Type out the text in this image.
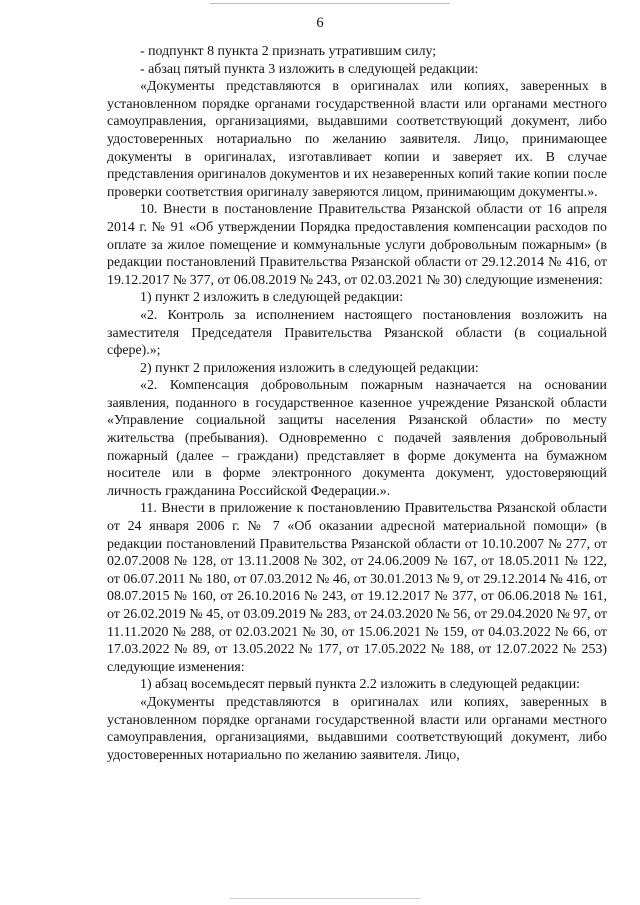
6

- подпункт 8 пункта 2 признать утратившим силу;

- абзац пятый пункта 3 изложить в следующей редакции:

«Документы представляются в оригиналах или копиях, заверенных в установленном порядке органами государственной власти или органами местного самоуправления, организациями, выдавшими соответствующий документ, либо удостоверенных нотариально по желанию заявителя. Лицо, принимающее документы в оригиналах, изготавливает копии и заверяет их. В случае представления оригиналов документов и их незаверенных копий такие копии после проверки соответствия оригиналу заверяются лицом, принимающим документы.».

10. Внести в постановление Правительства Рязанской области от 16 апреля 2014 г. № 91 «Об утверждении Порядка предоставления компенсации расходов по оплате за жилое помещение и коммунальные услуги добровольным пожарным» (в редакции постановлений Правительства Рязанской области от 29.12.2014 № 416, от 19.12.2017 № 377, от 06.08.2019 № 243, от 02.03.2021 № 30) следующие изменения:

1) пункт 2 изложить в следующей редакции:

«2. Контроль за исполнением настоящего постановления возложить на заместителя Председателя Правительства Рязанской области (в социальной сфере).»;

2) пункт 2 приложения изложить в следующей редакции:

«2. Компенсация добровольным пожарным назначается на основании заявления, поданного в государственное казенное учреждение Рязанской области «Управление социальной защиты населения Рязанской области» по месту жительства (пребывания). Одновременно с подачей заявления добровольный пожарный (далее – граждани) представляет в форме документа на бумажном носителе или в форме электронного документа документ, удостоверяющий личность гражданина Российской Федерации.».

11. Внести в приложение к постановлению Правительства Рязанской области от 24 января 2006 г. № 7 «Об оказании адресной материальной помощи» (в редакции постановлений Правительства Рязанской области от 10.10.2007 № 277, от 02.07.2008 № 128, от 13.11.2008 № 302, от 24.06.2009 № 167, от 18.05.2011 № 122, от 06.07.2011 № 180, от 07.03.2012 № 46, от 30.01.2013 № 9, от 29.12.2014 № 416, от 08.07.2015 № 160, от 26.10.2016 № 243, от 19.12.2017 № 377, от 06.06.2018 № 161, от 26.02.2019 № 45, от 03.09.2019 № 283, от 24.03.2020 № 56, от 29.04.2020 № 97, от 11.11.2020 № 288, от 02.03.2021 № 30, от 15.06.2021 № 159, от 04.03.2022 № 66, от 17.03.2022 № 89, от 13.05.2022 № 177, от 17.05.2022 № 188, от 12.07.2022 № 253) следующие изменения:

1) абзац восемьдесят первый пункта 2.2 изложить в следующей редакции:

«Документы представляются в оригиналах или копиях, заверенных в установленном порядке органами государственной власти или органами местного самоуправления, организациями, выдавшими соответствующий документ, либо удостоверенных нотариально по желанию заявителя. Лицо,
